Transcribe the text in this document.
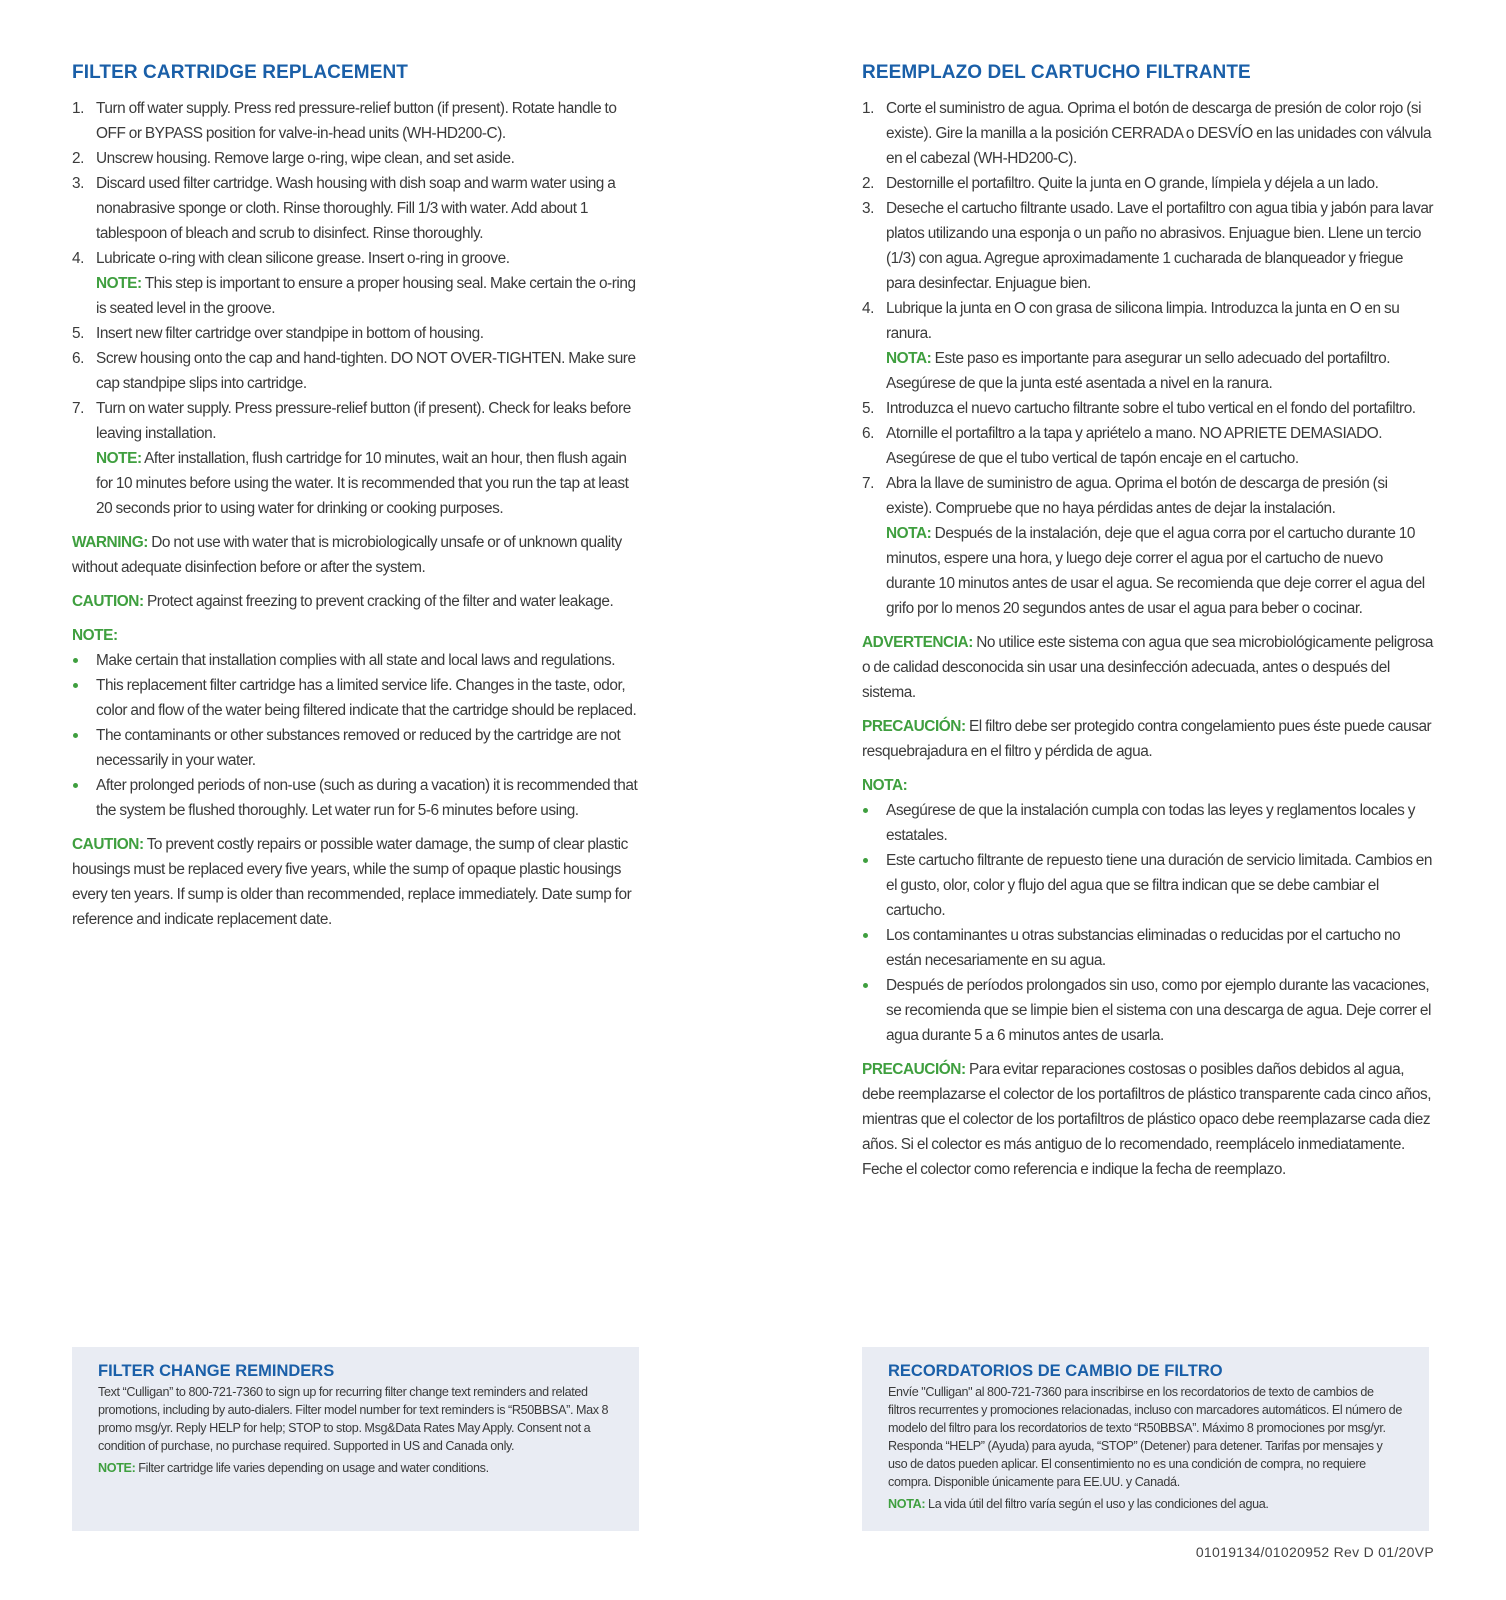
FILTER CARTRIDGE REPLACEMENT
1. Turn off water supply. Press red pressure-relief button (if present). Rotate handle to OFF or BYPASS position for valve-in-head units (WH-HD200-C).
2. Unscrew housing. Remove large o-ring, wipe clean, and set aside.
3. Discard used filter cartridge. Wash housing with dish soap and warm water using a nonabrasive sponge or cloth. Rinse thoroughly. Fill 1/3 with water. Add about 1 tablespoon of bleach and scrub to disinfect. Rinse thoroughly.
4. Lubricate o-ring with clean silicone grease. Insert o-ring in groove.
NOTE: This step is important to ensure a proper housing seal. Make certain the o-ring is seated level in the groove.
5. Insert new filter cartridge over standpipe in bottom of housing.
6. Screw housing onto the cap and hand-tighten. DO NOT OVER-TIGHTEN. Make sure cap standpipe slips into cartridge.
7. Turn on water supply. Press pressure-relief button (if present). Check for leaks before leaving installation.
NOTE: After installation, flush cartridge for 10 minutes, wait an hour, then flush again for 10 minutes before using the water. It is recommended that you run the tap at least 20 seconds prior to using water for drinking or cooking purposes.
WARNING: Do not use with water that is microbiologically unsafe or of unknown quality without adequate disinfection before or after the system.
CAUTION: Protect against freezing to prevent cracking of the filter and water leakage.
NOTE:
Make certain that installation complies with all state and local laws and regulations.
This replacement filter cartridge has a limited service life. Changes in the taste, odor, color and flow of the water being filtered indicate that the cartridge should be replaced.
The contaminants or other substances removed or reduced by the cartridge are not necessarily in your water.
After prolonged periods of non-use (such as during a vacation) it is recommended that the system be flushed thoroughly. Let water run for 5-6 minutes before using.
CAUTION: To prevent costly repairs or possible water damage, the sump of clear plastic housings must be replaced every five years, while the sump of opaque plastic housings every ten years. If sump is older than recommended, replace immediately. Date sump for reference and indicate replacement date.
REEMPLAZO DEL CARTUCHO FILTRANTE
1. Corte el suministro de agua. Oprima el botón de descarga de presión de color rojo (si existe). Gire la manilla a la posición CERRADA o DESVÍO en las unidades con válvula en el cabezal (WH-HD200-C).
2. Destornille el portafiltro. Quite la junta en O grande, límpiela y déjela a un lado.
3. Deseche el cartucho filtrante usado. Lave el portafiltro con agua tibia y jabón para lavar platos utilizando una esponja o un paño no abrasivos. Enjuague bien. Llene un tercio (1/3) con agua. Agregue aproximadamente 1 cucharada de blanqueador y friegue para desinfectar. Enjuague bien.
4. Lubrique la junta en O con grasa de silicona limpia. Introduzca la junta en O en su ranura.
NOTA: Este paso es importante para asegurar un sello adecuado del portafiltro. Asegúrese de que la junta esté asentada a nivel en la ranura.
5. Introduzca el nuevo cartucho filtrante sobre el tubo vertical en el fondo del portafiltro.
6. Atornille el portafiltro a la tapa y apriételo a mano. NO APRIETE DEMASIADO. Asegúrese de que el tubo vertical de tapón encaje en el cartucho.
7. Abra la llave de suministro de agua. Oprima el botón de descarga de presión (si existe). Compruebe que no haya pérdidas antes de dejar la instalación.
NOTA: Después de la instalación, deje que el agua corra por el cartucho durante 10 minutos, espere una hora, y luego deje correr el agua por el cartucho de nuevo durante 10 minutos antes de usar el agua. Se recomienda que deje correr el agua del grifo por lo menos 20 segundos antes de usar el agua para beber o cocinar.
ADVERTENCIA: No utilice este sistema con agua que sea microbiológicamente peligrosa o de calidad desconocida sin usar una desinfección adecuada, antes o después del sistema.
PRECAUCIÓN: El filtro debe ser protegido contra congelamiento pues éste puede causar resquebrajadura en el filtro y pérdida de agua.
NOTA:
Asegúrese de que la instalación cumpla con todas las leyes y reglamentos locales y estatales.
Este cartucho filtrante de repuesto tiene una duración de servicio limitada. Cambios en el gusto, olor, color y flujo del agua que se filtra indican que se debe cambiar el cartucho.
Los contaminantes u otras substancias eliminadas o reducidas por el cartucho no están necesariamente en su agua.
Después de períodos prolongados sin uso, como por ejemplo durante las vacaciones, se recomienda que se limpie bien el sistema con una descarga de agua. Deje correr el agua durante 5 a 6 minutos antes de usarla.
PRECAUCIÓN: Para evitar reparaciones costosas o posibles daños debidos al agua, debe reemplazarse el colector de los portafiltros de plástico transparente cada cinco años, mientras que el colector de los portafiltros de plástico opaco debe reemplazarse cada diez años. Si el colector es más antiguo de lo recomendado, reemplácelo inmediatamente. Feche el colector como referencia e indique la fecha de reemplazo.
FILTER CHANGE REMINDERS
Text “Culligan” to 800-721-7360 to sign up for recurring filter change text reminders and related promotions, including by auto-dialers. Filter model number for text reminders is “R50BBSA”. Max 8 promo msg/yr. Reply HELP for help; STOP to stop. Msg&Data Rates May Apply. Consent not a condition of purchase, no purchase required. Supported in US and Canada only.
NOTE: Filter cartridge life varies depending on usage and water conditions.
RECORDATORIOS DE CAMBIO DE FILTRO
Envíe "Culligan" al 800-721-7360 para inscribirse en los recordatorios de texto de cambios de filtros recurrentes y promociones relacionadas, incluso con marcadores automáticos. El número de modelo del filtro para los recordatorios de texto “R50BBSA”. Máximo 8 promociones por msg/yr. Responda “HELP” (Ayuda) para ayuda, “STOP” (Detener) para detener. Tarifas por mensajes y uso de datos pueden aplicar. El consentimiento no es una condición de compra, no requiere compra. Disponible únicamente para EE.UU. y Canadá.
NOTA: La vida útil del filtro varía según el uso y las condiciones del agua.
01019134/01020952 Rev D 01/20VP
